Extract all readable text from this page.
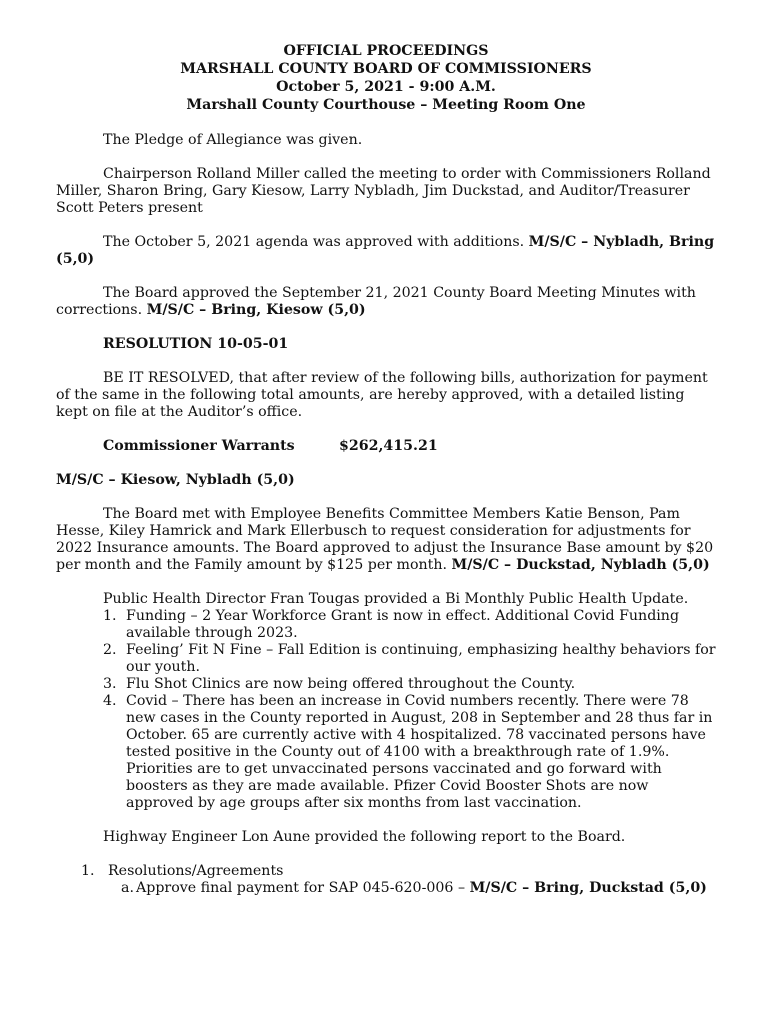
OFFICIAL PROCEEDINGS
MARSHALL COUNTY BOARD OF COMMISSIONERS
October 5, 2021 - 9:00 A.M.
Marshall County Courthouse – Meeting Room One

The Pledge of Allegiance was given.

Chairperson Rolland Miller called the meeting to order with Commissioners Rolland Miller, Sharon Bring, Gary Kiesow, Larry Nybladh, Jim Duckstad, and Auditor/Treasurer Scott Peters present

The October 5, 2021 agenda was approved with additions. M/S/C – Nybladh, Bring (5,0)

The Board approved the September 21, 2021 County Board Meeting Minutes with corrections. M/S/C – Bring, Kiesow (5,0)

RESOLUTION 10-05-01

BE IT RESOLVED, that after review of the following bills, authorization for payment of the same in the following total amounts, are hereby approved, with a detailed listing kept on file at the Auditor’s office.

Commissioner Warrants	$262,415.21

M/S/C – Kiesow, Nybladh (5,0)

The Board met with Employee Benefits Committee Members Katie Benson, Pam Hesse, Kiley Hamrick and Mark Ellerbusch to request consideration for adjustments for 2022 Insurance amounts. The Board approved to adjust the Insurance Base amount by $20 per month and the Family amount by $125 per month. M/S/C – Duckstad, Nybladh (5,0)

Public Health Director Fran Tougas provided a Bi Monthly Public Health Update.

1. Funding – 2 Year Workforce Grant is now in effect. Additional Covid Funding available through 2023.
2. Feeling’ Fit N Fine – Fall Edition is continuing, emphasizing healthy behaviors for our youth.
3. Flu Shot Clinics are now being offered throughout the County.
4. Covid – There has been an increase in Covid numbers recently. There were 78 new cases in the County reported in August, 208 in September and 28 thus far in October. 65 are currently active with 4 hospitalized. 78 vaccinated persons have tested positive in the County out of 4100 with a breakthrough rate of 1.9%. Priorities are to get unvaccinated persons vaccinated and go forward with boosters as they are made available. Pfizer Covid Booster Shots are now approved by age groups after six months from last vaccination.

Highway Engineer Lon Aune provided the following report to the Board.

1. Resolutions/Agreements
a. Approve final payment for SAP 045-620-006 – M/S/C – Bring, Duckstad (5,0)
